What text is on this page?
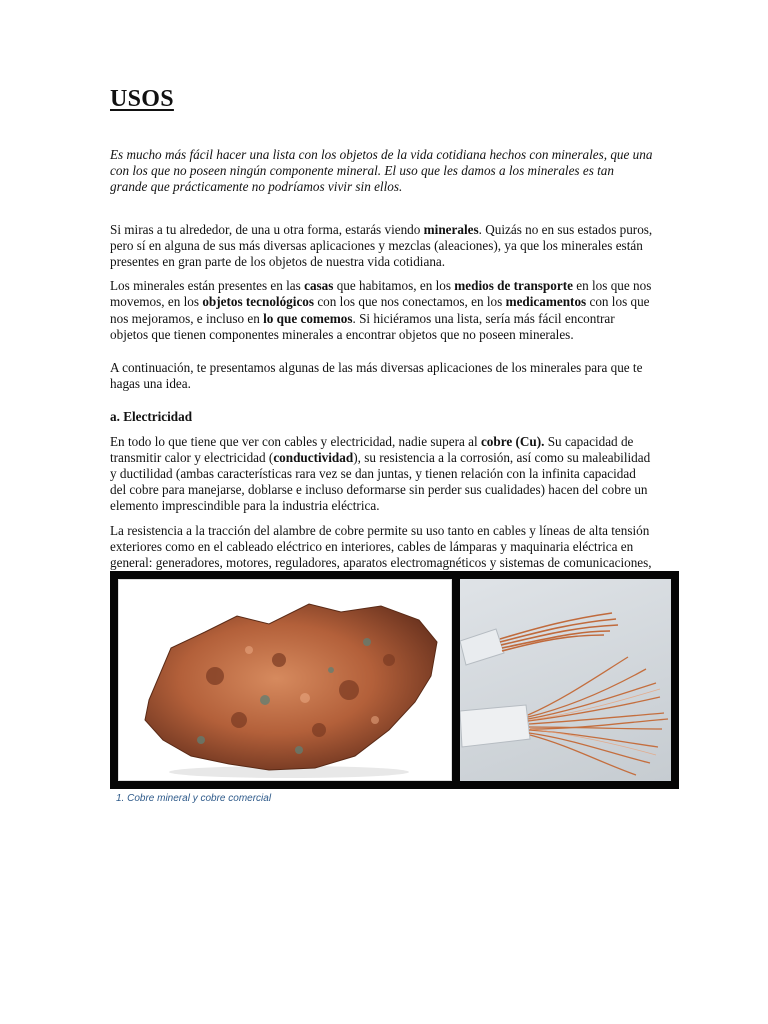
USOS

Es mucho más fácil hacer una lista con los objetos de la vida cotidiana hechos con minerales, que una con los que no poseen ningún componente mineral. El uso que les damos a los minerales es tan grande que prácticamente no podríamos vivir sin ellos.

Si miras a tu alrededor, de una u otra forma, estarás viendo minerales. Quizás no en sus estados puros, pero sí en alguna de sus más diversas aplicaciones y mezclas (aleaciones), ya que los minerales están presentes en gran parte de los objetos de nuestra vida cotidiana.

Los minerales están presentes en las casas que habitamos, en los medios de transporte en los que nos movemos, en los objetos tecnológicos con los que nos conectamos, en los medicamentos con los que nos mejoramos, e incluso en lo que comemos. Si hiciéramos una lista, sería más fácil encontrar objetos que tienen componentes minerales a encontrar objetos que no poseen minerales.

A continuación, te presentamos algunas de las más diversas aplicaciones de los minerales para que te hagas una idea.

a. Electricidad

En todo lo que tiene que ver con cables y electricidad, nadie supera al cobre (Cu). Su capacidad de transmitir calor y electricidad (conductividad), su resistencia a la corrosión, así como su maleabilidad y ductilidad (ambas características rara vez se dan juntas, y tienen relación con la infinita capacidad del cobre para manejarse, doblarse e incluso deformarse sin perder sus cualidades) hacen del cobre un elemento imprescindible para la industria eléctrica.

La resistencia a la tracción del alambre de cobre permite su uso tanto en cables y líneas de alta tensión exteriores como en el cableado eléctrico en interiores, cables de lámparas y maquinaria eléctrica en general: generadores, motores, reguladores, aparatos electromagnéticos y sistemas de comunicaciones,

1. Cobre mineral y cobre comercial
